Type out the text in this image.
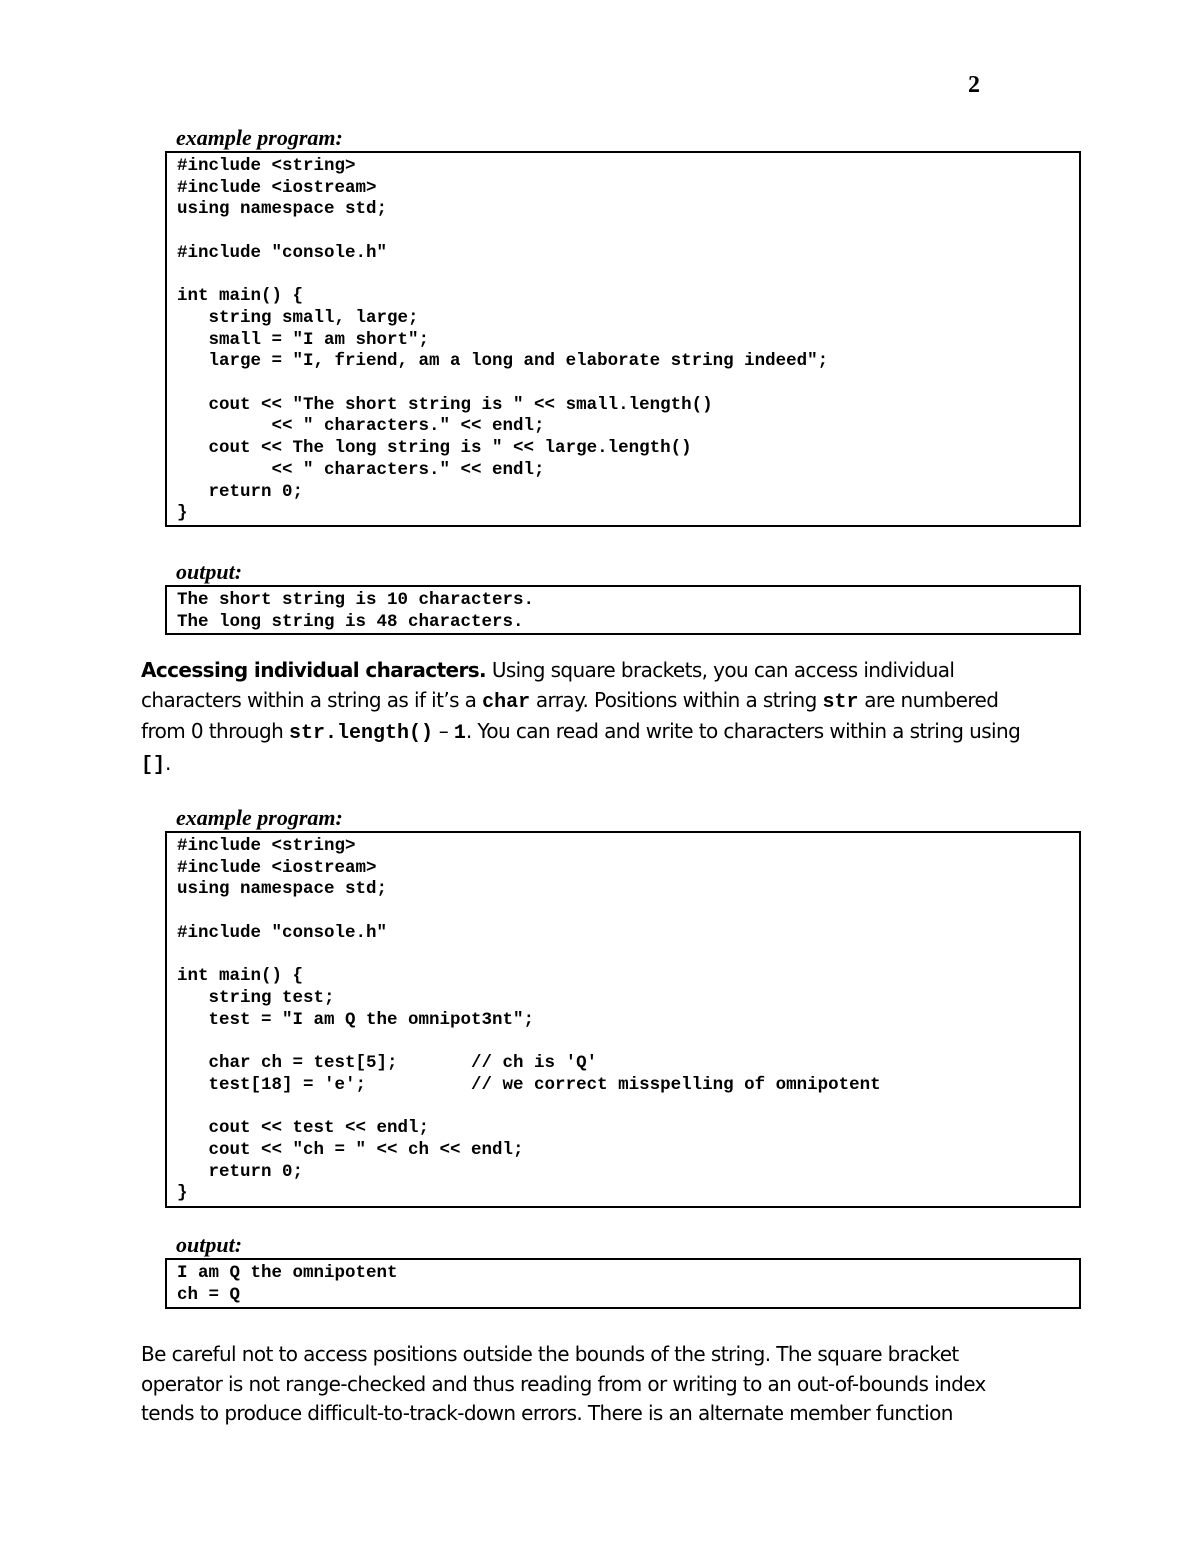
2
example program:
#include <string>
#include <iostream>
using namespace std;

#include "console.h"

int main() {
string small, large;
small = "I am short";
large = "I, friend, am a long and elaborate string indeed";

cout << "The short string is " << small.length()
<< " characters." << endl;
cout << The long string is " << large.length()
<< " characters." << endl;
return 0;
}
output:
The short string is 10 characters.
The long string is 48 characters.

Accessing individual characters. Using square brackets, you can access individual characters within a string as if it’s a char array. Positions within a string str are numbered from 0 through str.length() – 1. You can read and write to characters within a string using [].

example program:
#include <string>
#include <iostream>
using namespace std;

#include "console.h"

int main() {
string test;
test = "I am Q the omnipot3nt";

char ch = test[5];       // ch is 'Q'
test[18] = 'e';          // we correct misspelling of omnipotent

cout << test << endl;
cout << "ch = " << ch << endl;
return 0;
}
output:
I am Q the omnipotent
ch = Q

Be careful not to access positions outside the bounds of the string. The square bracket operator is not range-checked and thus reading from or writing to an out-of-bounds index tends to produce difficult-to-track-down errors. There is an alternate member function
